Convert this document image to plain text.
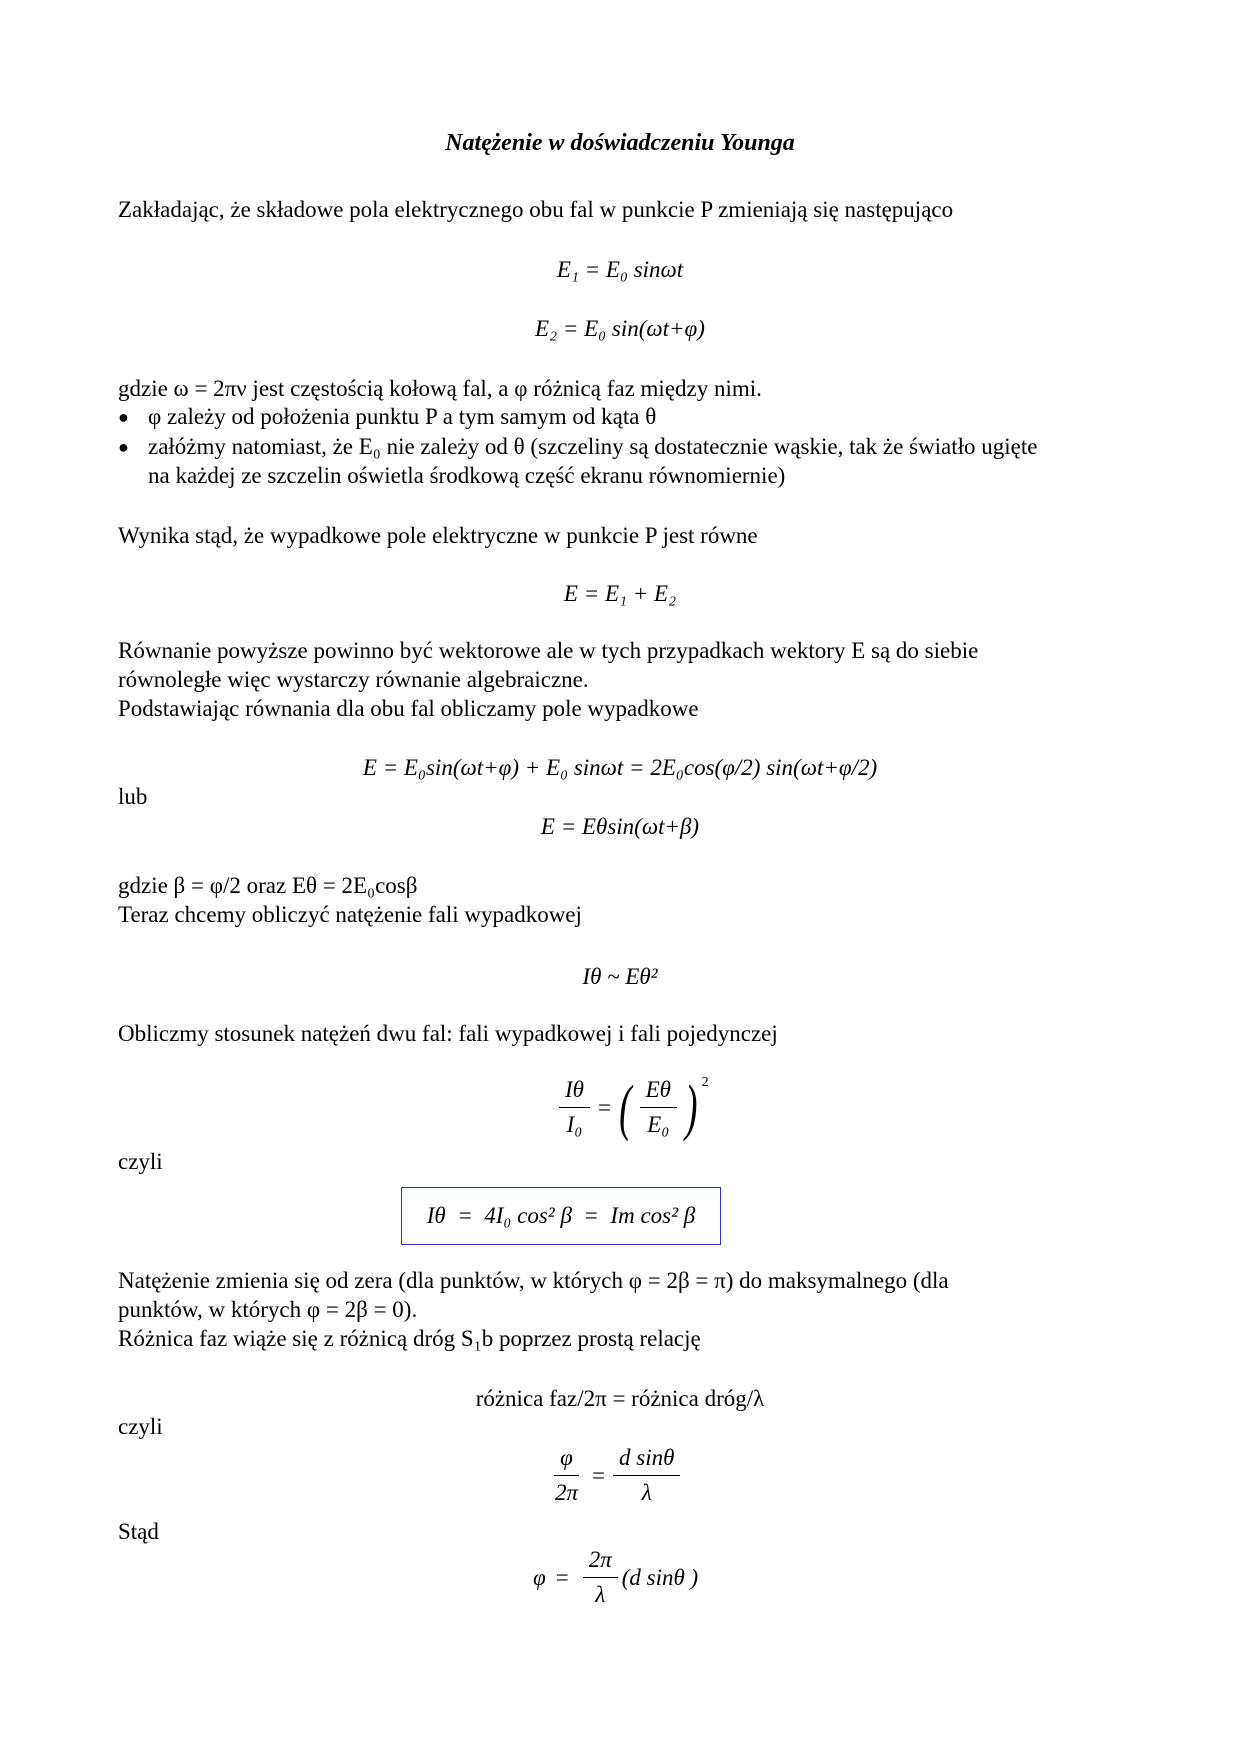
Natężenie w doświadczeniu Younga
Zakładając, że składowe pola elektrycznego obu fal w punkcie P zmieniają się następująco
E₁ = E₀ sinωt
E₂ = E₀ sin(ωt+φ)
gdzie ω = 2πν jest częstością kołową fal, a φ różnicą faz między nimi.
● φ zależy od położenia punktu P a tym samym od kąta θ
● załóżmy natomiast, że E₀ nie zależy od θ (szczeliny są dostatecznie wąskie, tak że światło ugięte
na każdej ze szczelin oświetla środkową część ekranu równomiernie)
Wynika stąd, że wypadkowe pole elektryczne w punkcie P jest równe
E = E₁ + E₂
Równanie powyższe powinno być wektorowe ale w tych przypadkach wektory E są do siebie
równoległe więc wystarczy równanie algebraiczne.
Podstawiając równania dla obu fal obliczamy pole wypadkowe
E = E₀sin(ωt+φ) + E₀ sinωt = 2E₀cos(φ/2) sin(ωt+φ/2)
lub
E = Eθsin(ωt+β)
gdzie β = φ/2 oraz Eθ = 2E₀cosβ
Teraz chcemy obliczyć natężenie fali wypadkowej
Iθ ~ Eθ²
Obliczmy stosunek natężeń dwu fal: fali wypadkowej i fali pojedynczej
$\frac{I\theta}{\text{I₀}}$ = ( $\frac{E\theta}{\text{E₀}}$ ) $^2$
czyli
Iθ  =  4I₀ cos² β  =  Im cos² β
Natężenie zmienia się od zera (dla punktów, w których φ = 2β = π) do maksymalnego (dla
punktów, w których φ = 2β = 0).
Różnica faz wiąże się z różnicą dróg S₁b poprzez prostą relację
różnica faz/2π = różnica dróg/λ
czyli
$\frac{\varphi}{2\pi} = \frac{\text{d sinθ}}{\lambda}$
Stąd
$\varphi = \frac{2\pi}{\lambda} (d$ sinθ )
